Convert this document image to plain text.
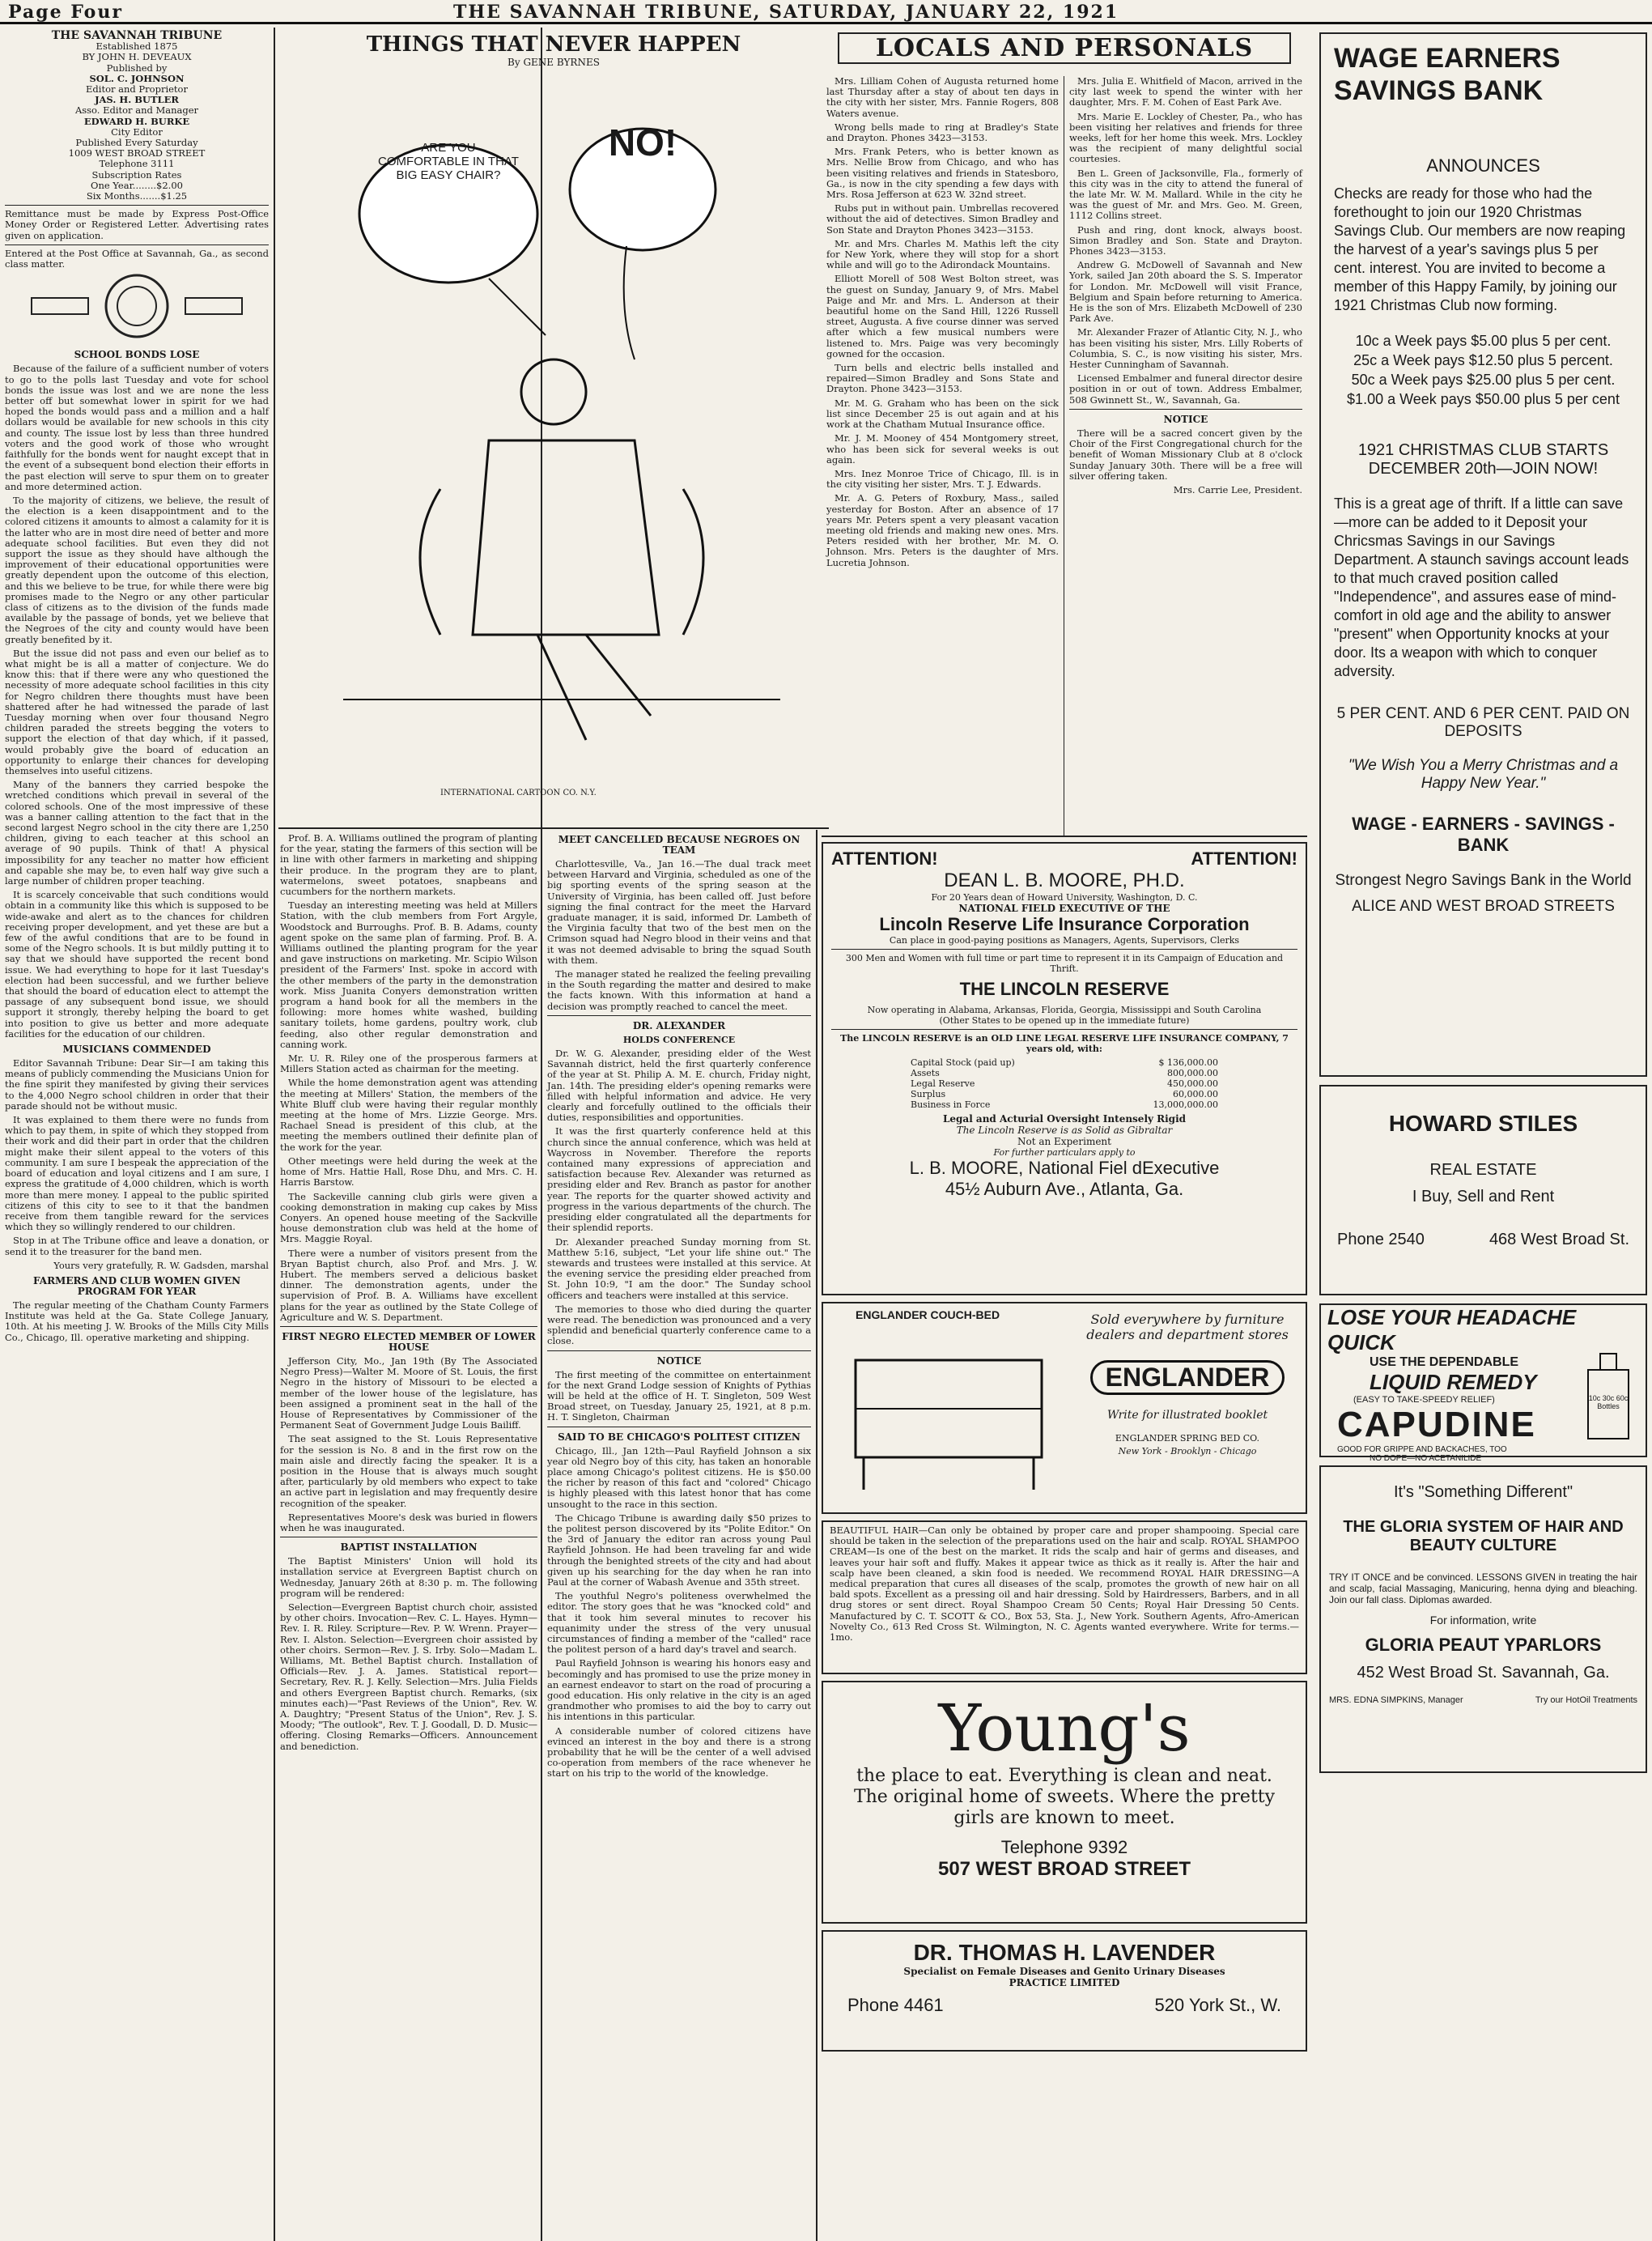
Page Four	THE SAVANNAH TRIBUNE, SATURDAY, JANUARY 22, 1921
THE SAVANNAH TRIBUNE
Established 1875
BY JOHN H. DEVEAUX
Published by
SOL. C. JOHNSON
Editor and Proprietor
JAS. H. BUTLER
Asso. Editor and Manager
EDWARD H. BURKE
City Editor
Published Every Saturday
1009 WEST BROAD STREET
Telephone 3111
Subscription Rates
One Year........$2.00
Six Months.......$1.25
Remittance must be made by Express Post-Office Money Order or Registered Letter. Advertising rates given on application.
Entered at the Post Office at Savannah, Ga., as second class matter.
SCHOOL BONDS LOSE

Because of the failure of a sufficient number of voters to go to the polls last Tuesday and vote for school bonds the issue was lost and we are none the less better off but somewhat lower in spirit for we had hoped the bonds would pass and a million and a half dollars would be available for new schools in this city and county. The issue lost by less than three hundred voters and the good work of those who wrought faithfully for the bonds went for naught except that in the event of a subsequent bond election their efforts in the past election will serve to spur them on to greater and more determined action.

To the majority of citizens, we believe, the result of the election is a keen disappointment and to the colored citizens it amounts to almost a calamity for it is the latter who are in most dire need of better and more adequate school facilities. But even they did not support the issue as they should have although the improvement of their educational opportunities were greatly dependent upon the outcome of this election, and this we believe to be true, for while there were big promises made to the Negro or any other particular class of citizens as to the division of the funds made available by the passage of bonds, yet we believe that the Negroes of the city and county would have been greatly benefited by it.

But the issue did not pass and even our belief as to what might be is all a matter of conjecture. We do know this: that if there were any who questioned the necessity of more adequate school facilities in this city for Negro children there thoughts must have been shattered after he had witnessed the parade of last Tuesday morning when over four thousand Negro children paraded the streets begging the voters to support the election of that day which, if it passed, would probably give the board of education an opportunity to enlarge their chances for developing themselves into useful citizens.

Many of the banners they carried bespoke the wretched conditions which prevail in several of the colored schools. One of the most impressive of these was a banner calling attention to the fact that in the second largest Negro school in the city there are 1,250 children, giving to each teacher at this school an average of 90 pupils. Think of that! A physical impossibility for any teacher no matter how efficient and capable she may be, to even half way give such a large number of children proper teaching.

It is scarcely conceivable that such conditions would obtain in a community like this which is supposed to be wide-awake and alert as to the chances for children receiving proper development, and yet these are but a few of the awful conditions that are to be found in some of the Negro schools. It is but mildly putting it to say that we should have supported the recent bond issue. We had everything to hope for it last Tuesday's election had been successful, and we further believe that should the board of education elect to attempt the passage of any subsequent bond issue, we should support it strongly, thereby helping the board to get into position to give us better and more adequate facilities for the education of our children.

MUSICIANS COMMENDED

Editor Savannah Tribune: Dear Sir—I am taking this means of publicly commending the Musicians Union for the fine spirit they manifested by giving their services to the 4,000 Negro school children in order that their parade should not be without music.

It was explained to them there were no funds from which to pay them, in spite of which they stopped from their work and did their part in order that the children might make their silent appeal to the voters of this community. I am sure I bespeak the appreciation of the board of education and loyal citizens and I am sure, I express the gratitude of 4,000 children, which is worth more than mere money. I appeal to the public spirited citizens of this city to see to it that the bandmen receive from them tangible reward for the services which they so willingly rendered to our children.

Stop in at The Tribune office and leave a donation, or send it to the treasurer for the band men.

Yours very gratefully, R. W. Gadsden, marshal

FARMERS AND CLUB WOMEN GIVEN PROGRAM FOR YEAR

The regular meeting of the Chatham County Farmers Institute was held at the Ga. State College January, 10th. At his meeting J. W. Brooks of the Mills City Mills Co., Chicago, Ill. operative marketing and shipping.

THINGS THAT NEVER HAPPEN
By GENE BYRNES
ARE YOU COMFORTABLE IN THAT BIG EASY CHAIR?
NO!
INTERNATIONAL CARTOON CO. N.Y.

Prof. B. A. Williams outlined the program of planting for the year, stating the farmers of this section will be in line with other farmers in marketing and shipping their produce. In the program they are to plant, watermelons, sweet potatoes, snapbeans and cucumbers for the northern markets.

Tuesday an interesting meeting was held at Millers Station, with the club members from Fort Argyle, Woodstock and Burroughs. Prof. B. B. Adams, county agent spoke on the same plan of farming. Prof. B. A. Williams outlined the planting program for the year and gave instructions on marketing. Mr. Scipio Wilson president of the Farmers' Inst. spoke in accord with the other members of the party in the demonstration work. Miss Juanita Conyers demonstration written program a hand book for all the members in the following: more homes white washed, building sanitary toilets, home gardens, poultry work, club feeding, also other regular demonstration and canning work.

Mr. U. R. Riley one of the prosperous farmers at Millers Station acted as chairman for the meeting.

While the home demonstration agent was attending the meeting at Millers' Station, the members of the White Bluff club were having their regular monthly meeting at the home of Mrs. Lizzie George. Mrs. Rachael Snead is president of this club, at the meeting the members outlined their definite plan of the work for the year.

Other meetings were held during the week at the home of Mrs. Hattie Hall, Rose Dhu, and Mrs. C. H. Harris Barstow.

The Sackeville canning club girls were given a cooking demonstration in making cup cakes by Miss Conyers. An opened house meeting of the Sackville house demonstration club was held at the home of Mrs. Maggie Royal.

There were a number of visitors present from the Bryan Baptist church, also Prof. and Mrs. J. W. Hubert. The members served a delicious basket dinner. The demonstration agents, under the supervision of Prof. B. A. Williams have excellent plans for the year as outlined by the State College of Agriculture and W. S. Department.

FIRST NEGRO ELECTED MEMBER OF LOWER HOUSE

Jefferson City, Mo., Jan 19th (By The Associated Negro Press)—Walter M. Moore of St. Louis, the first Negro in the history of Missouri to be elected a member of the lower house of the legislature, has been assigned a prominent seat in the hall of the House of Representatives by Commissioner of the Permanent Seat of Government Judge Louis Bailiff.

The seat assigned to the St. Louis Representative for the session is No. 8 and in the first row on the main aisle and directly facing the speaker. It is a position in the House that is always much sought after, particularly by old members who expect to take an active part in legislation and may frequently desire recognition of the speaker.

Representatives Moore's desk was buried in flowers when he was inaugurated.

BAPTIST INSTALLATION

The Baptist Ministers' Union will hold its installation service at Evergreen Baptist church on Wednesday, January 26th at 8:30 p. m. The following program will be rendered:

Selection—Evergreen Baptist church choir, assisted by other choirs. Invocation—Rev. C. L. Hayes. Hymn—Rev. I. R. Riley. Scripture—Rev. P. W. Wrenn. Prayer—Rev. I. Alston. Selection—Evergreen choir assisted by other choirs. Sermon—Rev. J. S. Irby. Solo—Madam L. Williams, Mt. Bethel Baptist church. Installation of Officials—Rev. J. A. James. Statistical report—Secretary, Rev. R. J. Kelly. Selection—Mrs. Julia Fields and others Evergreen Baptist church. Remarks, (six minutes each)—"Past Reviews of the Union", Rev. W. A. Daughtry; "Present Status of the Union", Rev. J. S. Moody; "The outlook", Rev. T. J. Goodall, D. D. Music—offering. Closing Remarks—Officers. Announcement and benediction.

MEET CANCELLED BECAUSE NEGROES ON TEAM

Charlottesville, Va., Jan 16.—The dual track meet between Harvard and Virginia, scheduled as one of the big sporting events of the spring season at the University of Virginia, has been called off. Just before signing the final contract for the meet the Harvard graduate manager, it is said, informed Dr. Lambeth of the Virginia faculty that two of the best men on the Crimson squad had Negro blood in their veins and that it was not deemed advisable to bring the squad South with them.

The manager stated he realized the feeling prevailing in the South regarding the matter and desired to make the facts known. With this information at hand a decision was promptly reached to cancel the meet.

DR. ALEXANDER
HOLDS CONFERENCE

Dr. W. G. Alexander, presiding elder of the West Savannah district, held the first quarterly conference of the year at St. Philip A. M. E. church, Friday night, Jan. 14th. The presiding elder's opening remarks were filled with helpful information and advice. He very clearly and forcefully outlined to the officials their duties, responsibilities and opportunities.

It was the first quarterly conference held at this church since the annual conference, which was held at Waycross in November. Therefore the reports contained many expressions of appreciation and satisfaction because Rev. Alexander was returned as presiding elder and Rev. Branch as pastor for another year. The reports for the quarter showed activity and progress in the various departments of the church. The presiding elder congratulated all the departments for their splendid reports.

Dr. Alexander preached Sunday morning from St. Matthew 5:16, subject, "Let your life shine out." The stewards and trustees were installed at this service. At the evening service the presiding elder preached from St. John 10:9, "I am the door." The Sunday school officers and teachers were installed at this service.

The memories to those who died during the quarter were read. The benediction was pronounced and a very splendid and beneficial quarterly conference came to a close.

NOTICE

The first meeting of the committee on entertainment for the next Grand Lodge session of Knights of Pythias will be held at the office of H. T. Singleton, 509 West Broad street, on Tuesday, January 25, 1921, at 8 p.m. H. T. Singleton, Chairman

SAID TO BE CHICAGO'S POLITEST CITIZEN

Chicago, Ill., Jan 12th—Paul Rayfield Johnson a six year old Negro boy of this city, has taken an honorable place among Chicago's politest citizens. He is $50.00 the richer by reason of this fact and "colored" Chicago is highly pleased with this latest honor that has come unsought to the race in this section.

The Chicago Tribune is awarding daily $50 prizes to the politest person discovered by its "Polite Editor." On the 3rd of January the editor ran across young Paul Rayfield Johnson. He had been traveling far and wide through the benighted streets of the city and had about given up his searching for the day when he ran into Paul at the corner of Wabash Avenue and 35th street.

The youthful Negro's politeness overwhelmed the editor. The story goes that he was "knocked cold" and that it took him several minutes to recover his equanimity under the stress of the very unusual circumstances of finding a member of the "called" race the politest person of a hard day's travel and search.

Paul Rayfield Johnson is wearing his honors easy and becomingly and has promised to use the prize money in an earnest endeavor to start on the road of procuring a good education. His only relative in the city is an aged grandmother who promises to aid the boy to carry out his intentions in this particular.

A considerable number of colored citizens have evinced an interest in the boy and there is a strong probability that he will be the center of a well advised co-operation from members of the race whenever he start on his trip to the world of the knowledge.

LOCALS AND PERSONALS

Mrs. Lilliam Cohen of Augusta returned home last Thursday after a stay of about ten days in the city with her sister, Mrs. Fannie Rogers, 808 Waters avenue.

Wrong bells made to ring at Bradley's State and Drayton. Phones 3423—3153.

Mrs. Frank Peters, who is better known as Mrs. Nellie Brow from Chicago, and who has been visiting relatives and friends in Statesboro, Ga., is now in the city spending a few days with Mrs. Rosa Jefferson at 623 W. 32nd street.

Rubs put in without pain. Umbrellas recovered without the aid of detectives. Simon Bradley and Son State and Drayton Phones 3423—3153.

Mr. and Mrs. Charles M. Mathis left the city for New York, where they will stop for a short while and will go to the Adirondack Mountains.

Elliott Morell of 508 West Bolton street, was the guest on Sunday, January 9, of Mrs. Mabel Paige and Mr. and Mrs. L. Anderson at their beautiful home on the Sand Hill, 1226 Russell street, Augusta. A five course dinner was served after which a few musical numbers were listened to. Mrs. Paige was very becomingly gowned for the occasion.

Turn bells and electric bells installed and repaired—Simon Bradley and Sons State and Drayton. Phone 3423—3153.

Mr. M. G. Graham who has been on the sick list since December 25 is out again and at his work at the Chatham Mutual Insurance office.

Mr. J. M. Mooney of 454 Montgomery street, who has been sick for several weeks is out again.

Mrs. Inez Monroe Trice of Chicago, Ill. is in the city visiting her sister, Mrs. T. J. Edwards.

Mr. A. G. Peters of Roxbury, Mass., sailed yesterday for Boston. After an absence of 17 years Mr. Peters spent a very pleasant vacation meeting old friends and making new ones. Mrs. Peters resided with her brother, Mr. M. O. Johnson. Mrs. Peters is the daughter of Mrs. Lucretia Johnson.

Mrs. Julia E. Whitfield of Macon, arrived in the city last week to spend the winter with her daughter, Mrs. F. M. Cohen of East Park Ave.

Mrs. Marie E. Lockley of Chester, Pa., who has been visiting her relatives and friends for three weeks, left for her home this week. Mrs. Lockley was the recipient of many delightful social courtesies.

Ben L. Green of Jacksonville, Fla., formerly of this city was in the city to attend the funeral of the late Mr. W. M. Mallard. While in the city he was the guest of Mr. and Mrs. Geo. M. Green, 1112 Collins street.

Push and ring, dont knock, always boost. Simon Bradley and Son. State and Drayton. Phones 3423—3153.

Andrew G. McDowell of Savannah and New York, sailed Jan 20th aboard the S. S. Imperator for London. Mr. McDowell will visit France, Belgium and Spain before returning to America. He is the son of Mrs. Elizabeth McDowell of 230 Park Ave.

Mr. Alexander Frazer of Atlantic City, N. J., who has been visiting his sister, Mrs. Lilly Roberts of Columbia, S. C., is now visiting his sister, Mrs. Hester Cunningham of Savannah.

Licensed Embalmer and funeral director desire position in or out of town. Address Embalmer, 508 Gwinnett St., W., Savannah, Ga.

NOTICE

There will be a sacred concert given by the Choir of the First Congregational church for the benefit of Woman Missionary Club at 8 o'clock Sunday January 30th. There will be a free will silver offering taken.

Mrs. Carrie Lee, President.

ATTENTION!	ATTENTION!
DEAN L. B. MOORE, PH.D.
For 20 Years dean of Howard University, Washington, D. C.
NATIONAL FIELD EXECUTIVE OF THE
Lincoln Reserve Life Insurance Corporation
Can place in good-paying positions as Managers, Agents, Supervisors, Clerks
300 Men and Women with full time or part time to represent it in its Campaign of Education and Thrift.
THE LINCOLN RESERVE
Now operating in Alabama, Arkansas, Florida, Georgia, Mississippi and South Carolina
(Other States to be opened up in the immediate future)
The LINCOLN RESERVE is an OLD LINE LEGAL RESERVE LIFE INSURANCE COMPANY, 7 years old, with:
Capital Stock (paid up)	$ 136,000.00
Assets	800,000.00
Legal Reserve	450,000.00
Surplus	60,000.00
Business in Force	13,000,000.00
Legal and Acturial Oversight Intensely Rigid
The Lincoln Reserve is as Solid as Gibraltar
Not an Experiment
For further particulars apply to
L. B. MOORE, National Fiel dExecutive
45½ Auburn Ave., Atlanta, Ga.
ENGLANDER COUCH-BED	Sold everywhere by furniture dealers and department stores
ENGLANDER
Write for illustrated booklet
ENGLANDER SPRING BED CO.
New York - Brooklyn - Chicago
BEAUTIFUL HAIR—Can only be obtained by proper care and proper shampooing. Special care should be taken in the selection of the preparations used on the hair and scalp. ROYAL SHAMPOO CREAM—Is one of the best on the market. It rids the scalp and hair of germs and diseases, and leaves your hair soft and fluffy. Makes it appear twice as thick as it really is. After the hair and scalp have been cleaned, a skin food is needed. We recommend ROYAL HAIR DRESSING—A medical preparation that cures all diseases of the scalp, promotes the growth of new hair on all bald spots. Excellent as a pressing oil and hair dressing. Sold by Hairdressers, Barbers, and in all drug stores or sent direct. Royal Shampoo Cream 50 Cents; Royal Hair Dressing 50 Cents. Manufactured by C. T. SCOTT & CO., Box 53, Sta. J., New York. Southern Agents, Afro-American Novelty Co., 613 Red Cross St. Wilmington, N. C. Agents wanted everywhere. Write for terms.—1mo.
Young's
the place to eat. Everything is clean and neat. The original home of sweets. Where the pretty girls are known to meet.
Telephone 9392
507 WEST BROAD STREET
DR. THOMAS H. LAVENDER
Specialist on Female Diseases and Genito Urinary Diseases
PRACTICE LIMITED
Phone 4461	520 York St., W.
WAGE EARNERS
SAVINGS BANK
ANNOUNCES
Checks are ready for those who had the forethought to join our 1920 Christmas Savings Club. Our members are now reaping the harvest of a year's savings plus 5 per cent. interest. You are invited to become a member of this Happy Family, by joining our 1921 Christmas Club now forming.
10c a Week pays $5.00 plus 5 per cent.
25c a Week pays $12.50 plus 5 percent.
50c a Week pays $25.00 plus 5 per cent.
$1.00 a Week pays $50.00 plus 5 per cent
1921 CHRISTMAS CLUB STARTS DECEMBER 20th—JOIN NOW!
This is a great age of thrift. If a little can save—more can be added to it Deposit your Chricsmas Savings in our Savings Department. A staunch savings account leads to that much craved position called "Independence", and assures ease of mind-comfort in old age and the ability to answer "present" when Opportunity knocks at your door. Its a weapon with which to conquer adversity.
5 PER CENT. AND 6 PER CENT. PAID ON DEPOSITS
"We Wish You a Merry Christmas and a Happy New Year."
WAGE - EARNERS - SAVINGS - BANK
Strongest Negro Savings Bank in the World
ALICE AND WEST BROAD STREETS
HOWARD STILES
REAL ESTATE
I Buy, Sell and Rent
Phone 2540	468 West Broad St.
LOSE YOUR HEADACHE QUICK
USE THE DEPENDABLE
LIQUID REMEDY
(EASY TO TAKE-SPEEDY RELIEF)
CAPUDINE
GOOD FOR GRIPPE AND BACKACHES, TOO
NO DOPE—NO ACETANILIDE
10c 30c 60c Bottles
It's "Something Different"
THE GLORIA SYSTEM OF HAIR AND BEAUTY CULTURE
TRY IT ONCE and be convinced. LESSONS GIVEN in treating the hair and scalp, facial Massaging, Manicuring, henna dying and bleaching. Join our fall class. Diplomas awarded.
For information, write
GLORIA PEAUT YPARLORS
452 West Broad St. Savannah, Ga.
MRS. EDNA SIMPKINS, Manager	Try our HotOil Treatments
